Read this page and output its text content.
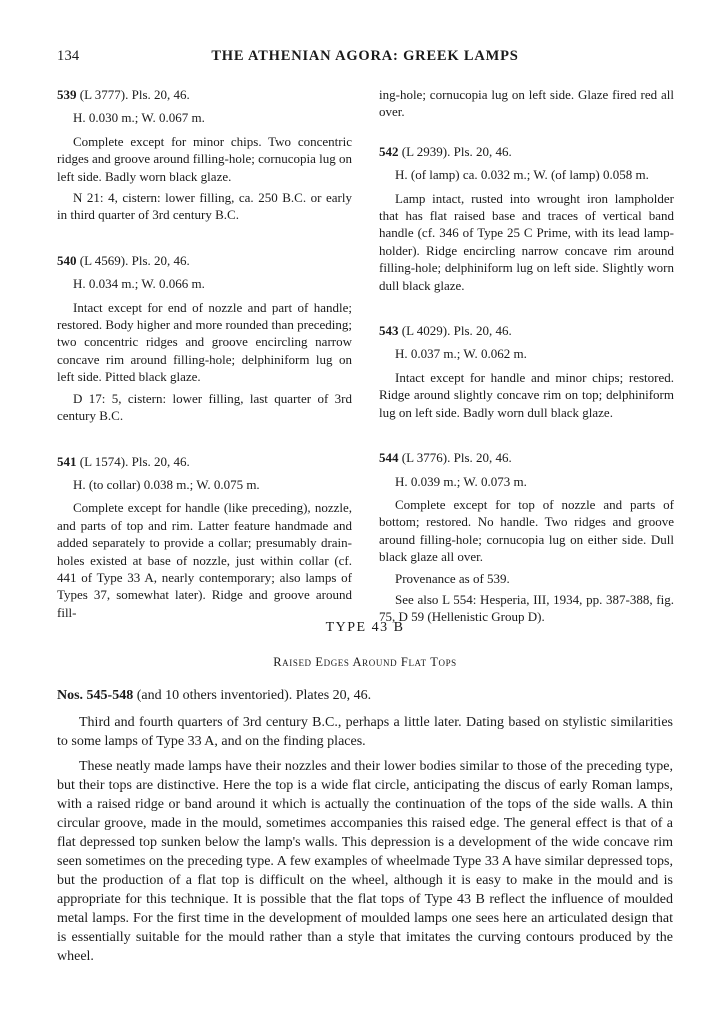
134	THE ATHENIAN AGORA: GREEK LAMPS

539 (L 3777). Pls. 20, 46.

H. 0.030 m.; W. 0.067 m.

Complete except for minor chips. Two concentric ridges and groove around filling-hole; cornucopia lug on left side. Badly worn black glaze.

N 21: 4, cistern: lower filling, ca. 250 B.C. or early in third quarter of 3rd century B.C.

540 (L 4569). Pls. 20, 46.

H. 0.034 m.; W. 0.066 m.

Intact except for end of nozzle and part of handle; restored. Body higher and more rounded than preceding; two concentric ridges and groove encircling narrow concave rim around filling-hole; delphiniform lug on left side. Pitted black glaze.

D 17: 5, cistern: lower filling, last quarter of 3rd century B.C.

541 (L 1574). Pls. 20, 46.

H. (to collar) 0.038 m.; W. 0.075 m.

Complete except for handle (like preceding), nozzle, and parts of top and rim. Latter feature handmade and added separately to provide a collar; presumably drain-holes existed at base of nozzle, just within collar (cf. 441 of Type 33 A, nearly contemporary; also lamps of Types 37, somewhat later). Ridge and groove around fill-

ing-hole; cornucopia lug on left side. Glaze fired red all over.

542 (L 2939). Pls. 20, 46.

H. (of lamp) ca. 0.032 m.; W. (of lamp) 0.058 m.

Lamp intact, rusted into wrought iron lampholder that has flat raised base and traces of vertical band handle (cf. 346 of Type 25 C Prime, with its lead lamp-holder). Ridge encircling narrow concave rim around filling-hole; delphiniform lug on left side. Slightly worn dull black glaze.

543 (L 4029). Pls. 20, 46.

H. 0.037 m.; W. 0.062 m.

Intact except for handle and minor chips; restored. Ridge around slightly concave rim on top; delphiniform lug on left side. Badly worn dull black glaze.

544 (L 3776). Pls. 20, 46.

H. 0.039 m.; W. 0.073 m.

Complete except for top of nozzle and parts of bottom; restored. No handle. Two ridges and groove around filling-hole; cornucopia lug on either side. Dull black glaze all over.

Provenance as of 539.

See also L 554: Hesperia, III, 1934, pp. 387-388, fig. 75, D 59 (Hellenistic Group D).

TYPE 43 B
Raised Edges Around Flat Tops
Nos. 545-548 (and 10 others inventoried). Plates 20, 46.

Third and fourth quarters of 3rd century B.C., perhaps a little later. Dating based on stylistic similarities to some lamps of Type 33 A, and on the finding places.

These neatly made lamps have their nozzles and their lower bodies similar to those of the preceding type, but their tops are distinctive. Here the top is a wide flat circle, anticipating the discus of early Roman lamps, with a raised ridge or band around it which is actually the continuation of the tops of the side walls. A thin circular groove, made in the mould, sometimes accompanies this raised edge. The general effect is that of a flat depressed top sunken below the lamp's walls. This depression is a development of the wide concave rim seen sometimes on the preceding type. A few examples of wheelmade Type 33 A have similar depressed tops, but the production of a flat top is difficult on the wheel, although it is easy to make in the mould and is appropriate for this technique. It is possible that the flat tops of Type 43 B reflect the influence of moulded metal lamps. For the first time in the development of moulded lamps one sees here an articulated design that is essentially suitable for the mould rather than a style that imitates the curving contours produced by the wheel.
